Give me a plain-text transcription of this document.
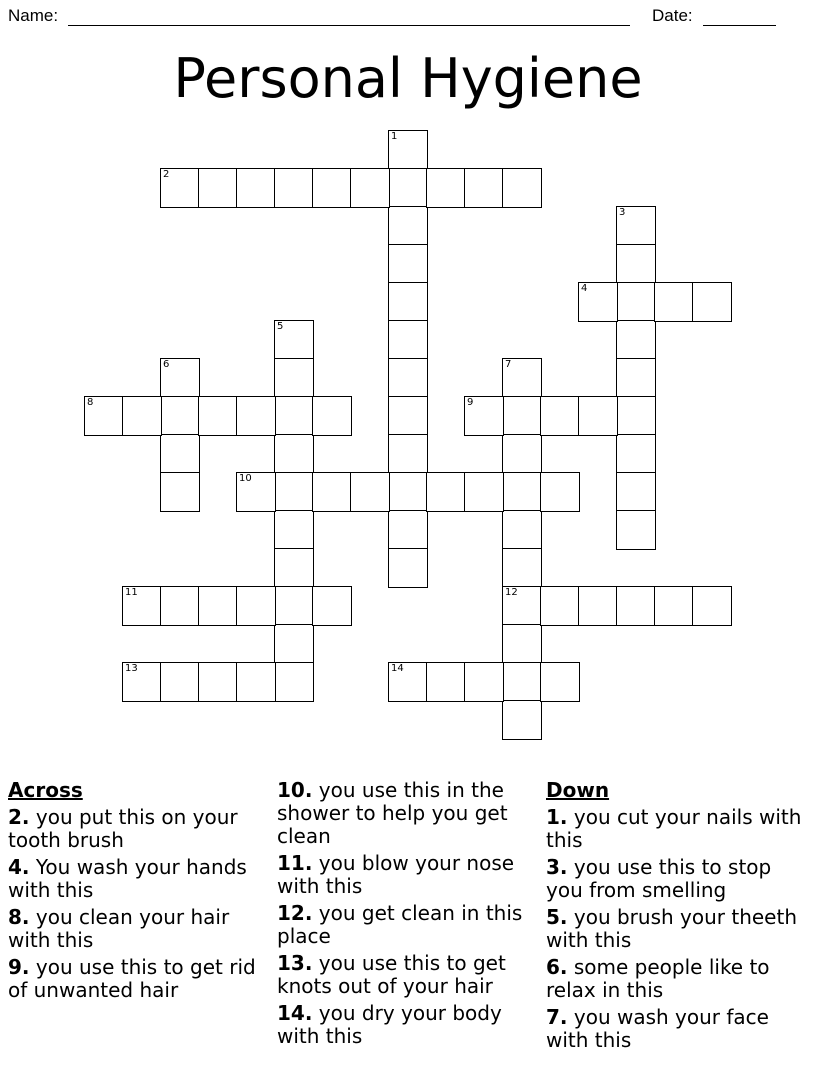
Name:	Date:
Personal Hygiene
1
2
3
4
5
6	7
12
8	9
10
11
13	14
Across
2. you put this on your tooth brush
4. You wash your hands with this
8. you clean your hair with this
9. you use this to get rid of unwanted hair
10. you use this in the shower to help you get clean
11. you blow your nose with this
12. you get clean in this place
13. you use this to get knots out of your hair
14. you dry your body with this
Down
1. you cut your nails with this
3. you use this to stop you from smelling
5. you brush your theeth with this
6. some people like to relax in this
7. you wash your face with this
